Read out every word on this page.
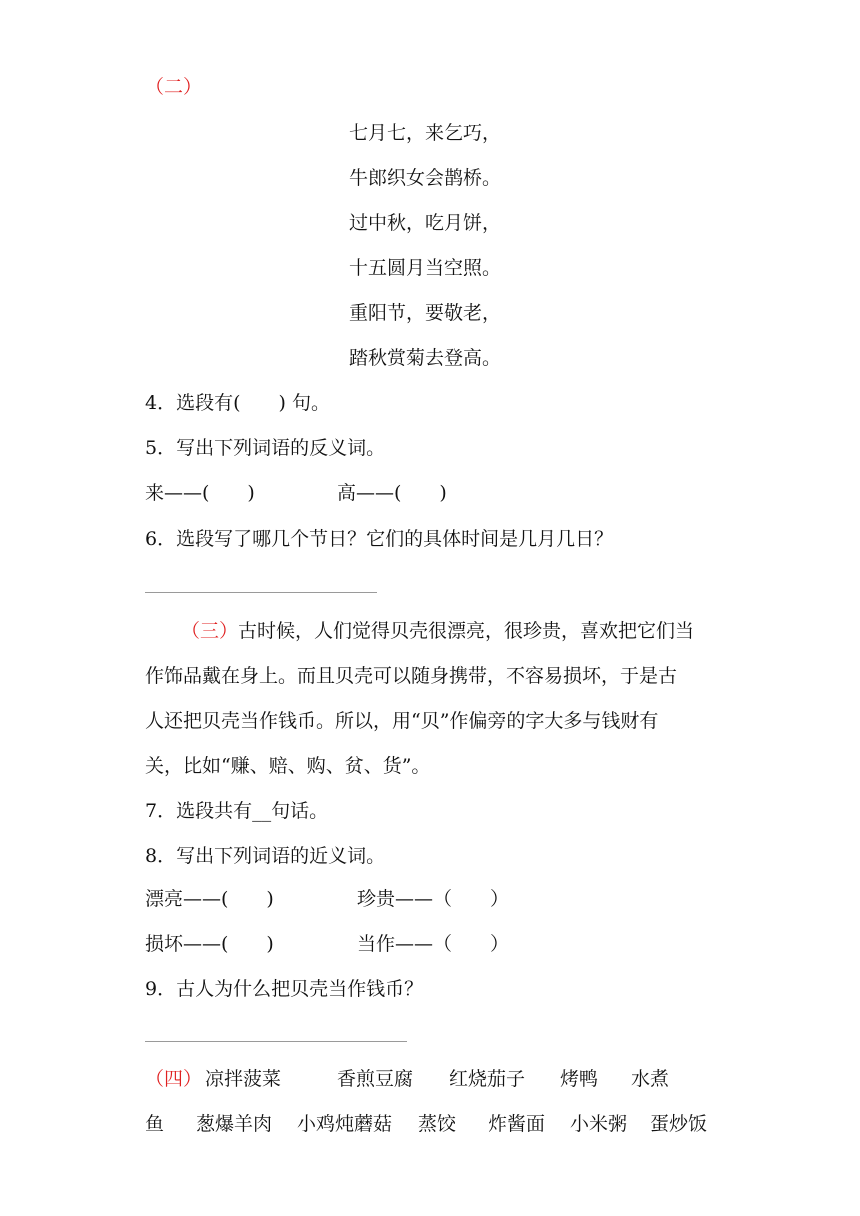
（二）
七月七，来乞巧，
牛郎织女会鹊桥。
过中秋，吃月饼，
十五圆月当空照。
重阳节，要敬老，
踏秋赏菊去登高。
4．选段有(　　) 句。
5．写出下列词语的反义词。
来——(　　)	高——(　　)
6．选段写了哪几个节日？它们的具体时间是几月几日？
（三）古时候，人们觉得贝壳很漂亮，很珍贵，喜欢把它们当
作饰品戴在身上。而且贝壳可以随身携带，不容易损坏，于是古
人还把贝壳当作钱币。所以，用“贝”作偏旁的字大多与钱财有
关，比如“赚、赔、购、贫、货”。
7．选段共有__句话。
8．写出下列词语的近义词。
漂亮——(　　)	珍贵——（　　）
损坏——(　　)	当作——（　　）
9．古人为什么把贝壳当作钱币？
（四） 凉拌菠菜	香煎豆腐 红烧茄子 烤鸭 水煮
鱼 葱爆羊肉 小鸡炖蘑菇 蒸饺 炸酱面 小米粥 蛋炒饭
